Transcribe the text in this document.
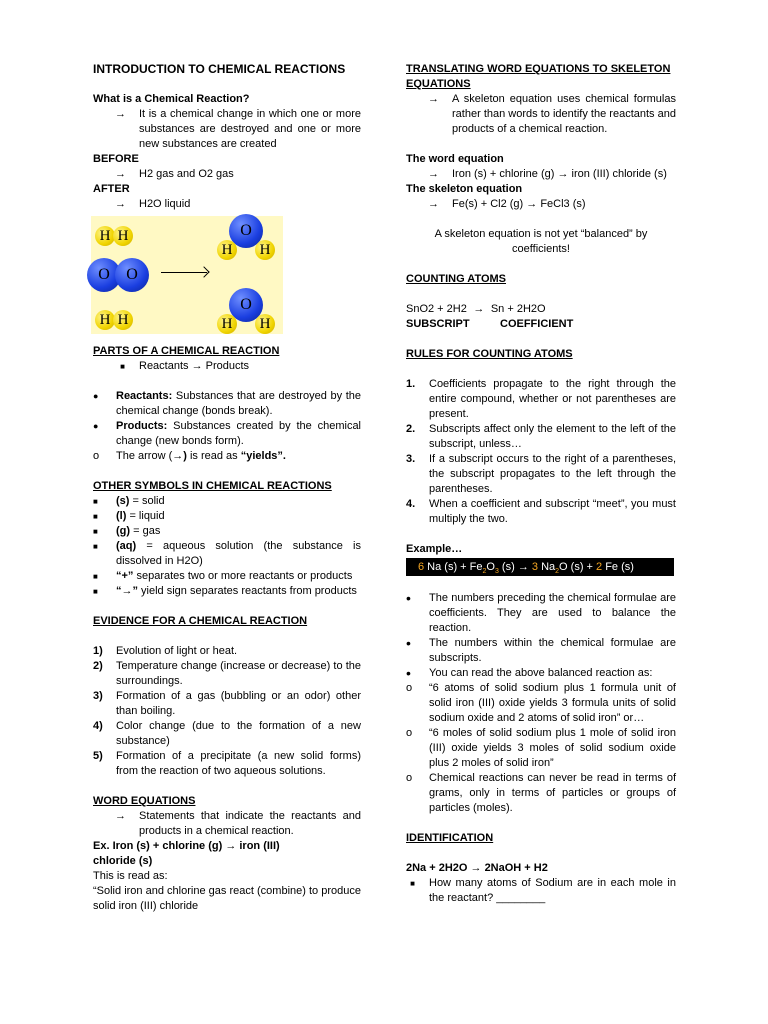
INTRODUCTION TO CHEMICAL REACTIONS

What is a Chemical Reaction?
→	It is a chemical change in which one or more substances are destroyed and one or more new substances are created
BEFORE
→	H2 gas and O2 gas
AFTER
→	H2O liquid
H H
O	O
H H
O
H	H
O
H	H
PARTS OF A CHEMICAL REACTION
■	Reactants → Products
●	Reactants: Substances that are destroyed by the chemical change (bonds break).
●	Products: Substances created by the chemical change (new bonds form).
o	The arrow (→) is read as “yields”.
OTHER SYMBOLS IN CHEMICAL REACTIONS
■	(s) = solid
■	(l) = liquid
■	(g) = gas
■	(aq) = aqueous solution (the substance is dissolved in H2O)
■	“+” separates two or more reactants or products
■	“→” yield sign separates reactants from products
EVIDENCE FOR A CHEMICAL REACTION
1)	Evolution of light or heat.
2)	Temperature change (increase or decrease) to the surroundings.
3)	Formation of a gas (bubbling or an odor) other than boiling.
4)	Color change (due to the formation of a new substance)
5)	Formation of a precipitate (a new solid forms) from the reaction of two aqueous solutions.
WORD EQUATIONS
→	Statements that indicate the reactants and products in a chemical reaction.
Ex. Iron (s) + chlorine (g) → iron (III) chloride (s)
This is read as:
“Solid iron and chlorine gas react (combine) to produce solid iron (III) chloride
TRANSLATING WORD EQUATIONS TO SKELETON EQUATIONS
→	A skeleton equation uses chemical formulas rather than words to identify the reactants and products of a chemical reaction.
The word equation
→	Iron (s) + chlorine (g) → iron (III) chloride (s)
The skeleton equation
→	Fe(s) + Cl2 (g) → FeCl3 (s)
A skeleton equation is not yet “balanced” by coefficients!
COUNTING ATOMS
SnO2 + 2H2 → Sn + 2H2O
SUBSCRIPT	COEFFICIENT
RULES FOR COUNTING ATOMS
1.	Coefficients propagate to the right through the entire compound, whether or not parentheses are present.
2.	Subscripts affect only the element to the left of the subscript, unless…
3.	If a subscript occurs to the right of a parentheses, the subscript propagates to the left through the parentheses.
4.	When a coefficient and subscript “meet”, you must multiply the two.
Example…
6 Na $(s) + Fe_2O_3$ (s) → 3 $Na_2O$ (s) + 2 Fe (s)
•	The numbers preceding the chemical formulae are coefficients. They are used to balance the reaction.
•	The numbers within the chemical formulae are subscripts.
•	You can read the above balanced reaction as:
o	“6 atoms of solid sodium plus 1 formula unit of solid iron (III) oxide yields 3 formula units of solid sodium oxide and 2 atoms of solid iron” or…
o	“6 moles of solid sodium plus 1 mole of solid iron (III) oxide yields 3 moles of solid sodium oxide plus 2 moles of solid iron”
o	Chemical reactions can never be read in terms of grams, only in terms of particles or groups of particles (moles).
IDENTIFICATION
2Na + 2H2O → 2NaOH + H2
■	How many atoms of Sodium are in each mole in the reactant? ________
